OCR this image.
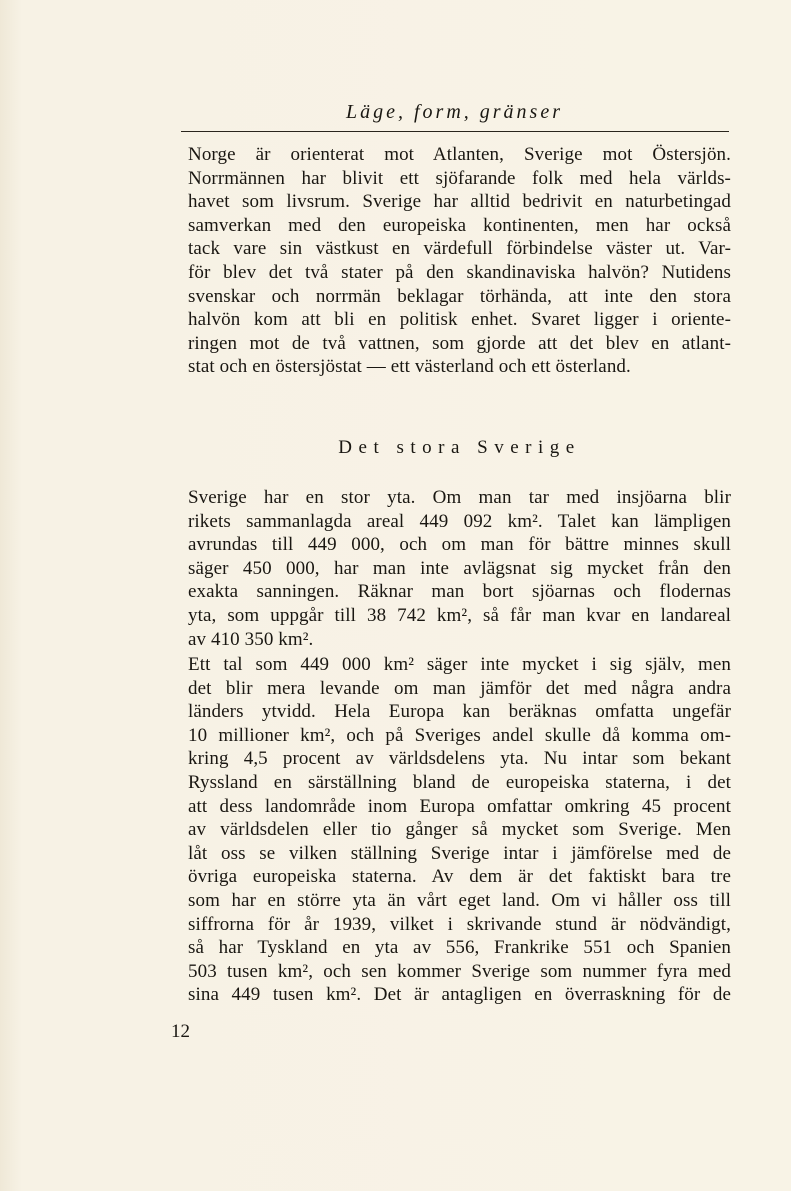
Läge, form, gränser
Norge är orienterat mot Atlanten, Sverige mot Östersjön.
Norrmännen har blivit ett sjöfarande folk med hela världs-
havet som livsrum. Sverige har alltid bedrivit en naturbetingad
samverkan med den europeiska kontinenten, men har också
tack vare sin västkust en värdefull förbindelse väster ut. Var-
för blev det två stater på den skandinaviska halvön? Nutidens
svenskar och norrmän beklagar törhända, att inte den stora
halvön kom att bli en politisk enhet. Svaret ligger i oriente-
ringen mot de två vattnen, som gjorde att det blev en atlant-
stat och en östersjöstat — ett västerland och ett österland.
Det stora Sverige
Sverige har en stor yta. Om man tar med insjöarna blir
rikets sammanlagda areal 449 092 km². Talet kan lämpligen
avrundas till 449 000, och om man för bättre minnes skull
säger 450 000, har man inte avlägsnat sig mycket från den
exakta sanningen. Räknar man bort sjöarnas och flodernas
yta, som uppgår till 38 742 km², så får man kvar en landareal
av 410 350 km².
Ett tal som 449 000 km² säger inte mycket i sig själv, men
det blir mera levande om man jämför det med några andra
länders ytvidd. Hela Europa kan beräknas omfatta ungefär
10 millioner km², och på Sveriges andel skulle då komma om-
kring 4,5 procent av världsdelens yta. Nu intar som bekant
Ryssland en särställning bland de europeiska staterna, i det
att dess landområde inom Europa omfattar omkring 45 procent
av världsdelen eller tio gånger så mycket som Sverige. Men
låt oss se vilken ställning Sverige intar i jämförelse med de
övriga europeiska staterna. Av dem är det faktiskt bara tre
som har en större yta än vårt eget land. Om vi håller oss till
siffrorna för år 1939, vilket i skrivande stund är nödvändigt,
så har Tyskland en yta av 556, Frankrike 551 och Spanien
503 tusen km², och sen kommer Sverige som nummer fyra med
sina 449 tusen km². Det är antagligen en överraskning för de
12
